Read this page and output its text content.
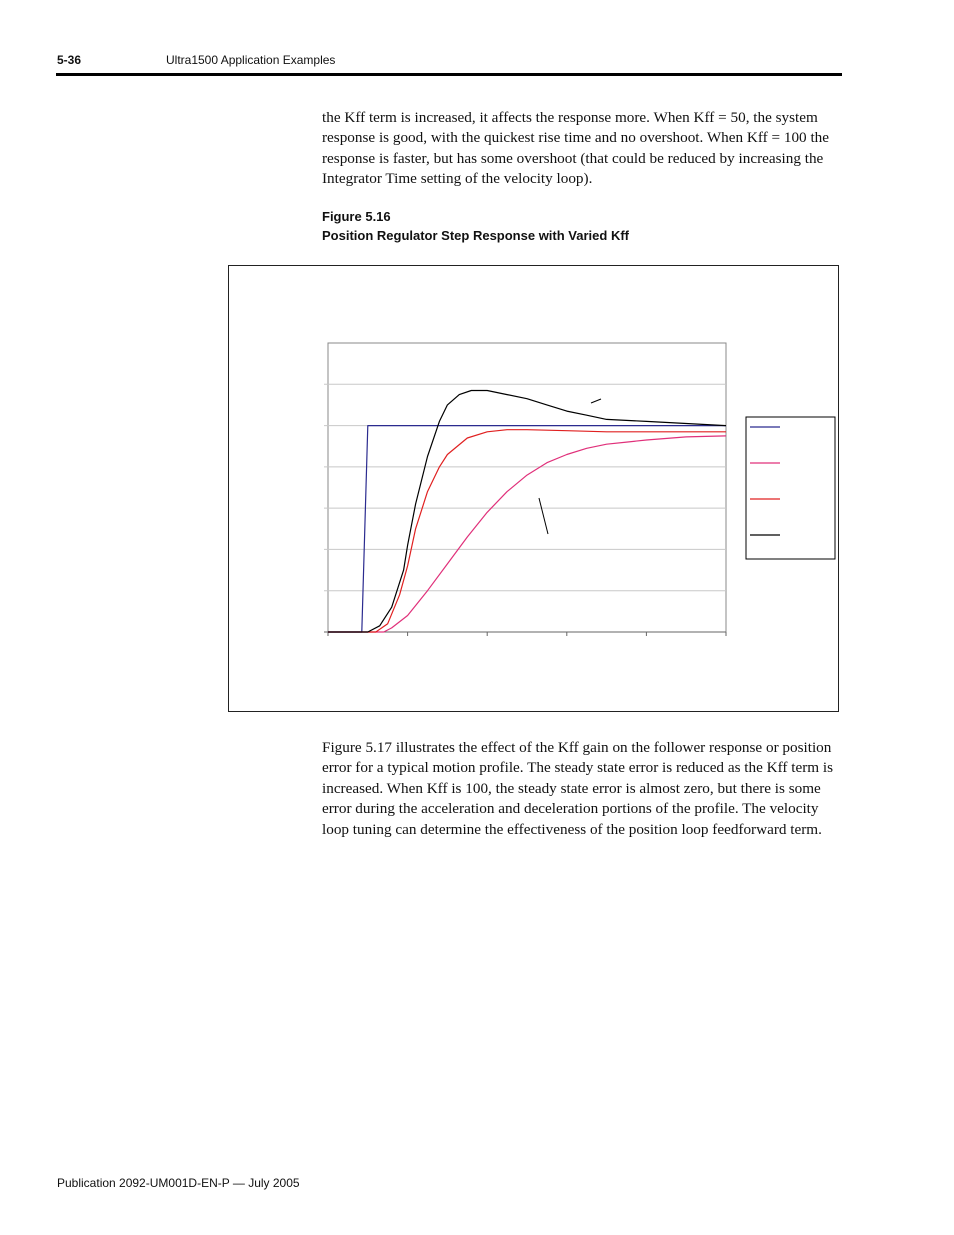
5-36	Ultra1500 Application Examples
the Kff term is increased, it affects the response more. When Kff = 50, the system response is good, with the quickest rise time and no overshoot. When Kff = 100 the response is faster, but has some overshoot (that could be reduced by increasing the Integrator Time setting of the velocity loop).
Figure 5.16
Position Regulator Step Response with Varied Kff
Figure 5.17 illustrates the effect of the Kff gain on the follower response or position error for a typical motion profile. The steady state error is reduced as the Kff term is increased. When Kff is 100, the steady state error is almost zero, but there is some error during the acceleration and deceleration portions of the profile. The velocity loop tuning can determine the effectiveness of the position loop feedforward term.
Publication 2092-UM001D-EN-P — July 2005
